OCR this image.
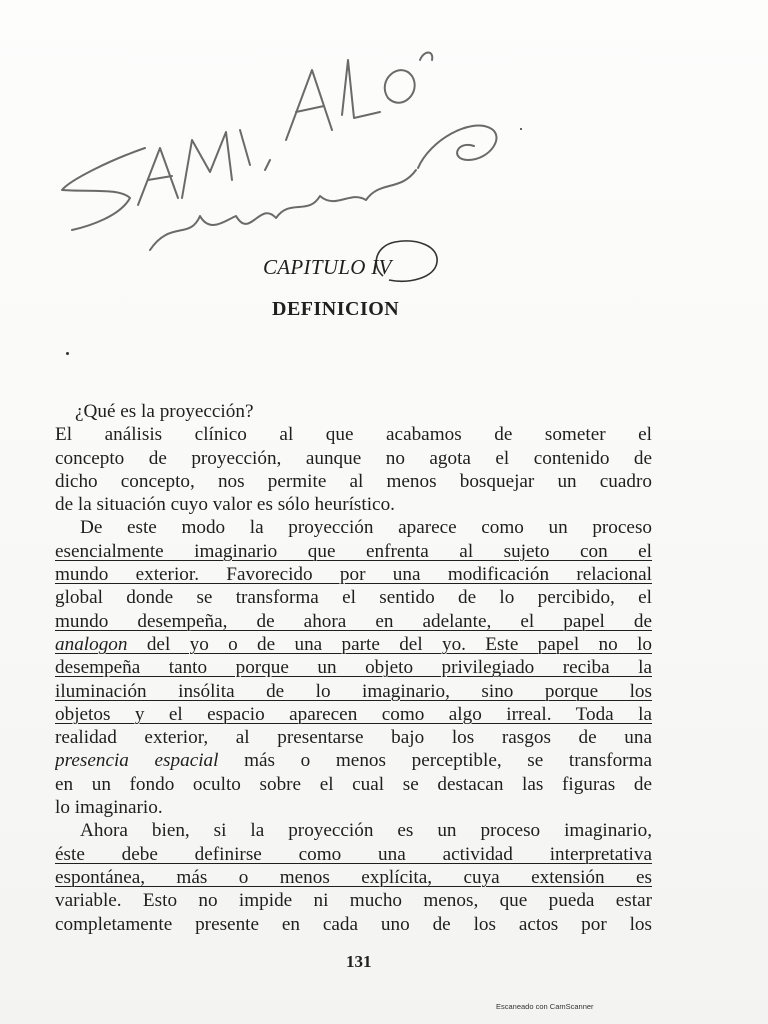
CAPITULO IV
DEFINICION
¿Qué es la proyección?
El análisis clínico al que acabamos de someter el
concepto de proyección, aunque no agota el contenido de
dicho concepto, nos permite al menos bosquejar un cuadro
de la situación cuyo valor es sólo heurístico.
De este modo la proyección aparece como un proceso
esencialmente imaginario que enfrenta al sujeto con el
mundo exterior. Favorecido por una modificación relacional
global donde se transforma el sentido de lo percibido, el
mundo desempeña, de ahora en adelante, el papel de
analogon del yo o de una parte del yo. Este papel no lo
desempeña tanto porque un objeto privilegiado reciba la
iluminación insólita de lo imaginario, sino porque los
objetos y el espacio aparecen como algo irreal. Toda la
realidad exterior, al presentarse bajo los rasgos de una
presencia espacial más o menos perceptible, se transforma
en un fondo oculto sobre el cual se destacan las figuras de
lo imaginario.
Ahora bien, si la proyección es un proceso imaginario,
éste debe definirse como una actividad interpretativa
espontánea, más o menos explícita, cuya extensión es
variable. Esto no impide ni mucho menos, que pueda estar
completamente presente en cada uno de los actos por los
131
Escaneado con CamScanner
